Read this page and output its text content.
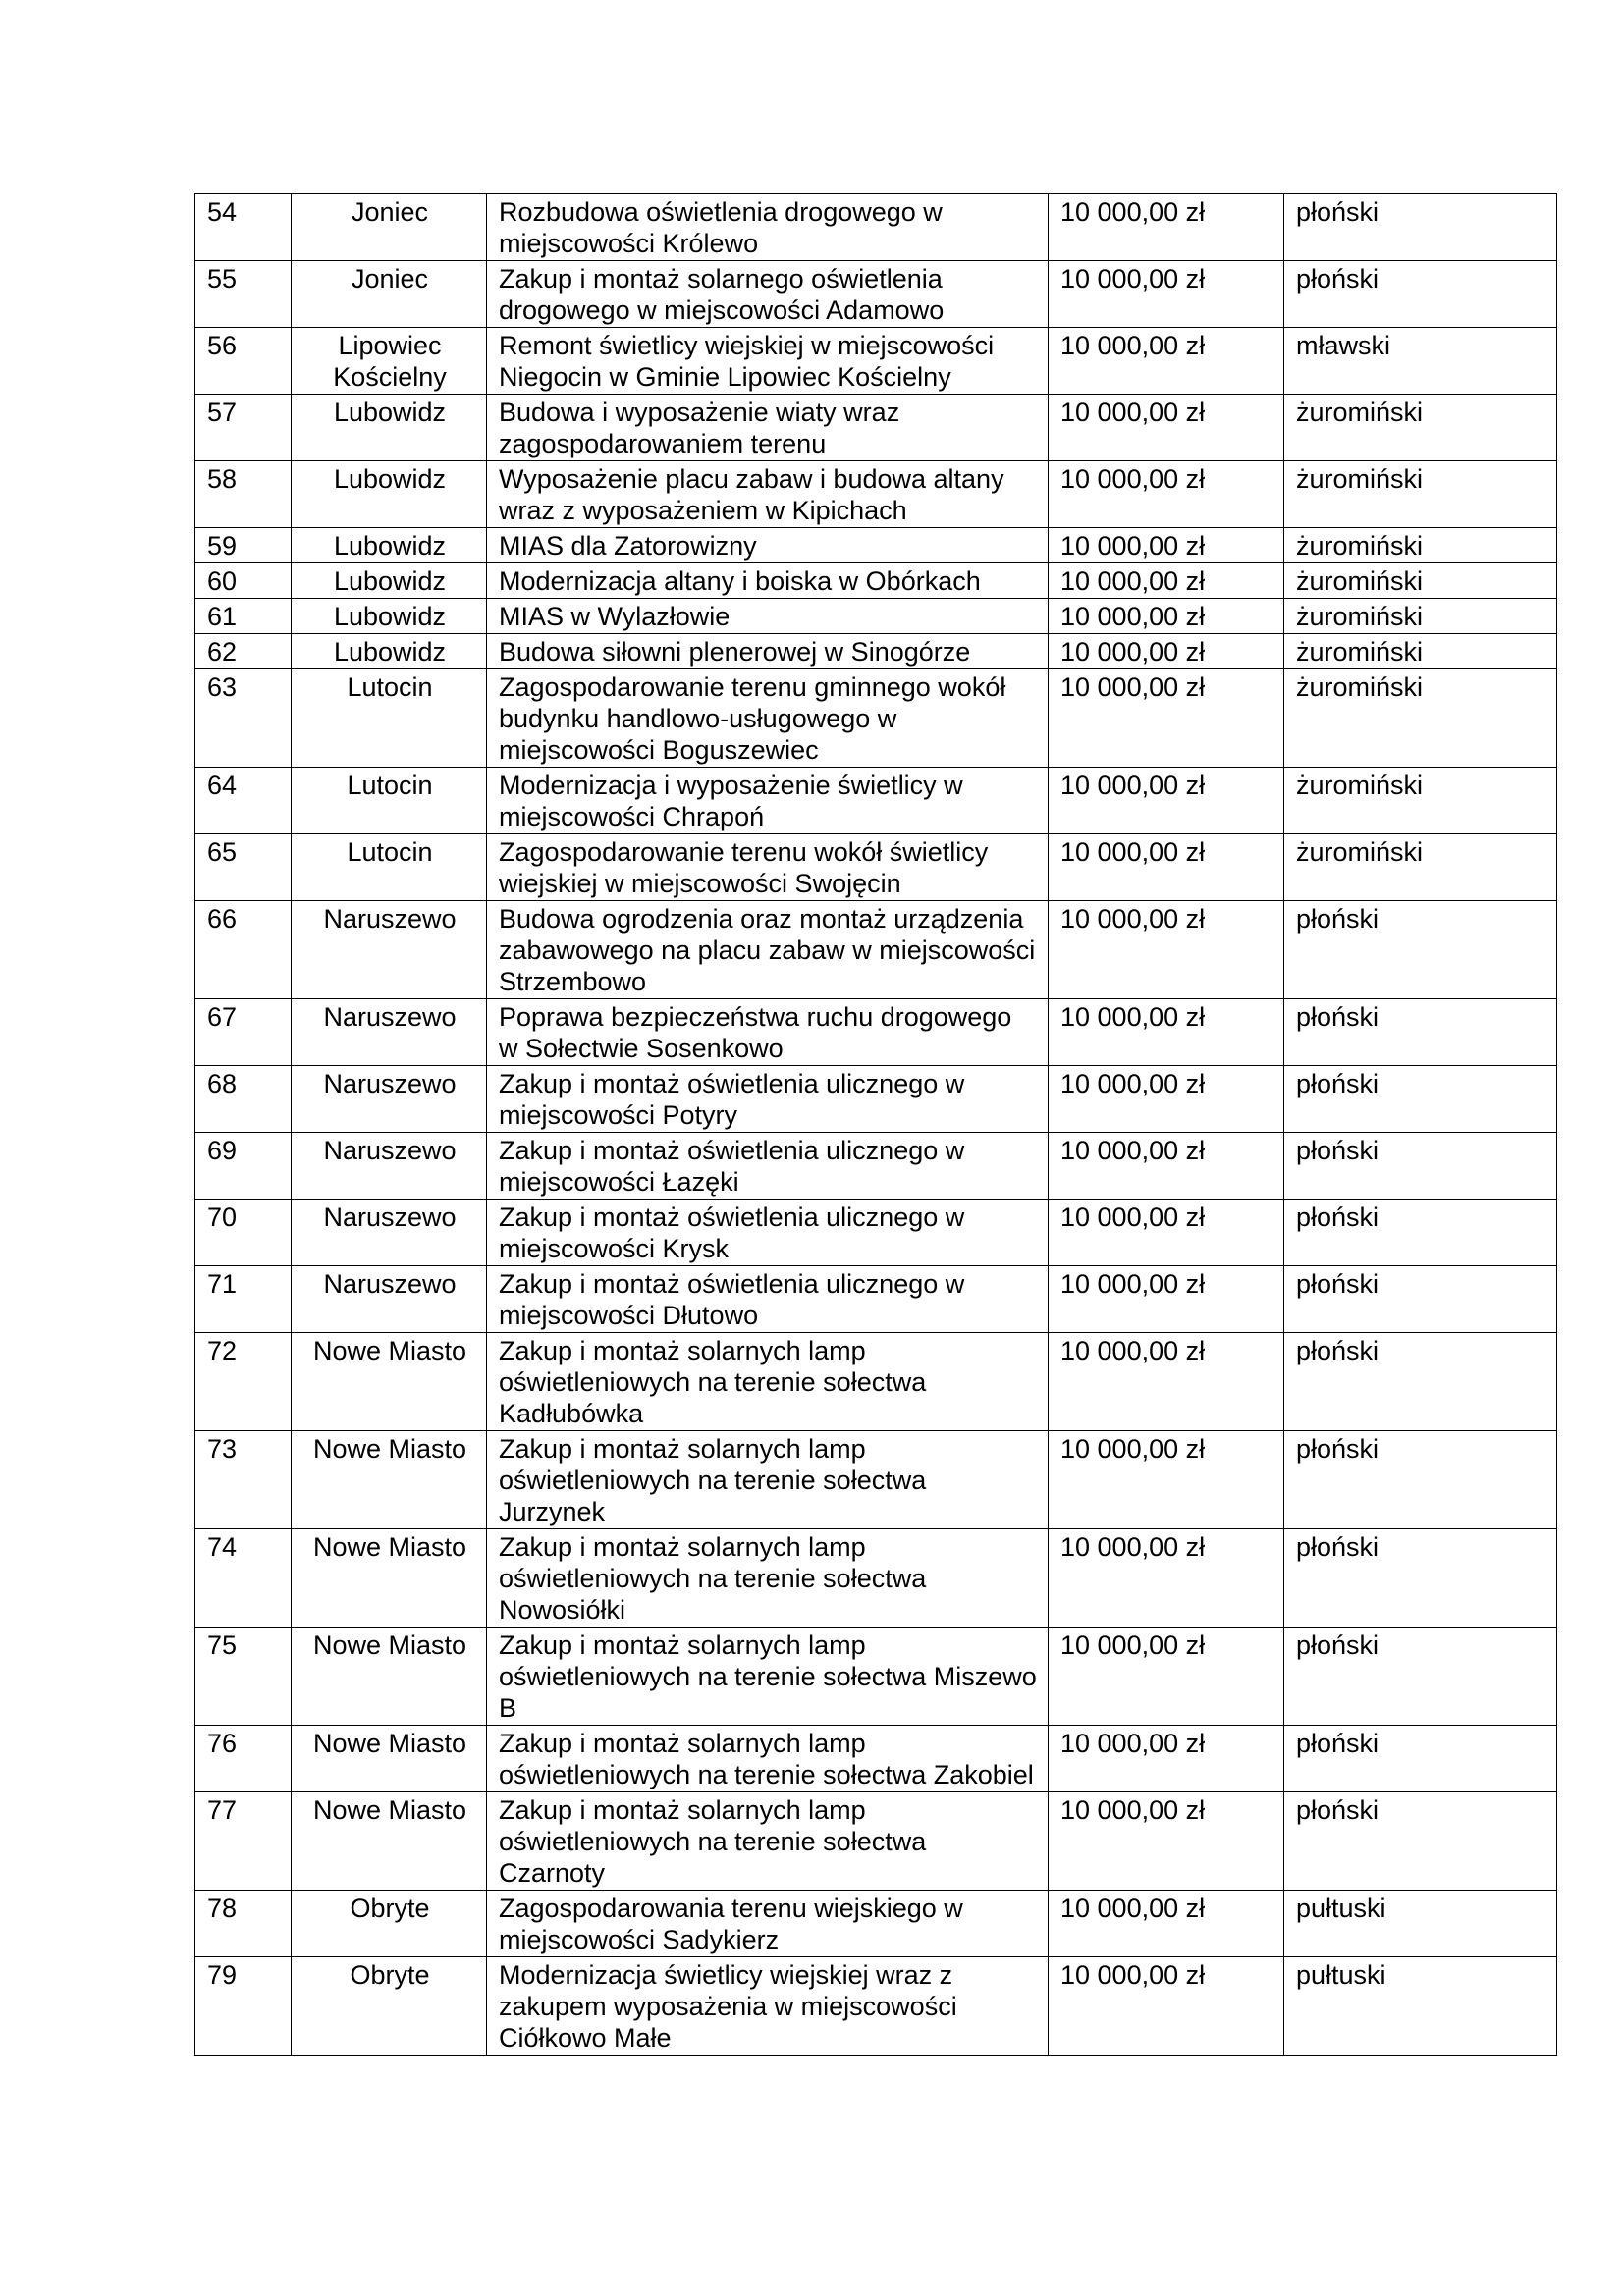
54	Joniec	Rozbudowa oświetlenia drogowego w miejscowości Królewo	10 000,00 zł	płoński
55	Joniec	Zakup i montaż solarnego oświetlenia drogowego w miejscowości Adamowo	10 000,00 zł	płoński
56	Lipowiec Kościelny	Remont świetlicy wiejskiej w miejscowości Niegocin w Gminie Lipowiec Kościelny	10 000,00 zł	mławski
57	Lubowidz	Budowa i wyposażenie wiaty wraz zagospodarowaniem terenu	10 000,00 zł	żuromiński
58	Lubowidz	Wyposażenie placu zabaw i budowa altany wraz z wyposażeniem w Kipichach	10 000,00 zł	żuromiński
59	Lubowidz	MIAS dla Zatorowizny	10 000,00 zł	żuromiński
60	Lubowidz	Modernizacja altany i boiska w Obórkach	10 000,00 zł	żuromiński
61	Lubowidz	MIAS w Wylazłowie	10 000,00 zł	żuromiński
62	Lubowidz	Budowa siłowni plenerowej w Sinogórze	10 000,00 zł	żuromiński
63	Lutocin	Zagospodarowanie terenu gminnego wokół budynku handlowo-usługowego w miejscowości Boguszewiec	10 000,00 zł	żuromiński
64	Lutocin	Modernizacja i wyposażenie świetlicy w miejscowości Chrapoń	10 000,00 zł	żuromiński
65	Lutocin	Zagospodarowanie terenu wokół świetlicy wiejskiej w miejscowości Swojęcin	10 000,00 zł	żuromiński
66	Naruszewo	Budowa ogrodzenia oraz montaż urządzenia zabawowego na placu zabaw w miejscowości Strzembowo	10 000,00 zł	płoński
67	Naruszewo	Poprawa bezpieczeństwa ruchu drogowego w Sołectwie Sosenkowo	10 000,00 zł	płoński
68	Naruszewo	Zakup i montaż oświetlenia ulicznego w miejscowości Potyry	10 000,00 zł	płoński
69	Naruszewo	Zakup i montaż oświetlenia ulicznego w miejscowości Łazęki	10 000,00 zł	płoński
70	Naruszewo	Zakup i montaż oświetlenia ulicznego w miejscowości Krysk	10 000,00 zł	płoński
71	Naruszewo	Zakup i montaż oświetlenia ulicznego w miejscowości Dłutowo	10 000,00 zł	płoński
72	Nowe Miasto	Zakup i montaż solarnych lamp oświetleniowych na terenie sołectwa Kadłubówka	10 000,00 zł	płoński
73	Nowe Miasto	Zakup i montaż solarnych lamp oświetleniowych na terenie sołectwa Jurzynek	10 000,00 zł	płoński
74	Nowe Miasto	Zakup i montaż solarnych lamp oświetleniowych na terenie sołectwa Nowosiółki	10 000,00 zł	płoński
75	Nowe Miasto	Zakup i montaż solarnych lamp oświetleniowych na terenie sołectwa Miszewo B	10 000,00 zł	płoński
76	Nowe Miasto	Zakup i montaż solarnych lamp oświetleniowych na terenie sołectwa Zakobiel	10 000,00 zł	płoński
77	Nowe Miasto	Zakup i montaż solarnych lamp oświetleniowych na terenie sołectwa Czarnoty	10 000,00 zł	płoński
78	Obryte	Zagospodarowania terenu wiejskiego w miejscowości Sadykierz	10 000,00 zł	pułtuski
79	Obryte	Modernizacja świetlicy wiejskiej wraz z zakupem wyposażenia w miejscowości Ciółkowo Małe	10 000,00 zł	pułtuski
